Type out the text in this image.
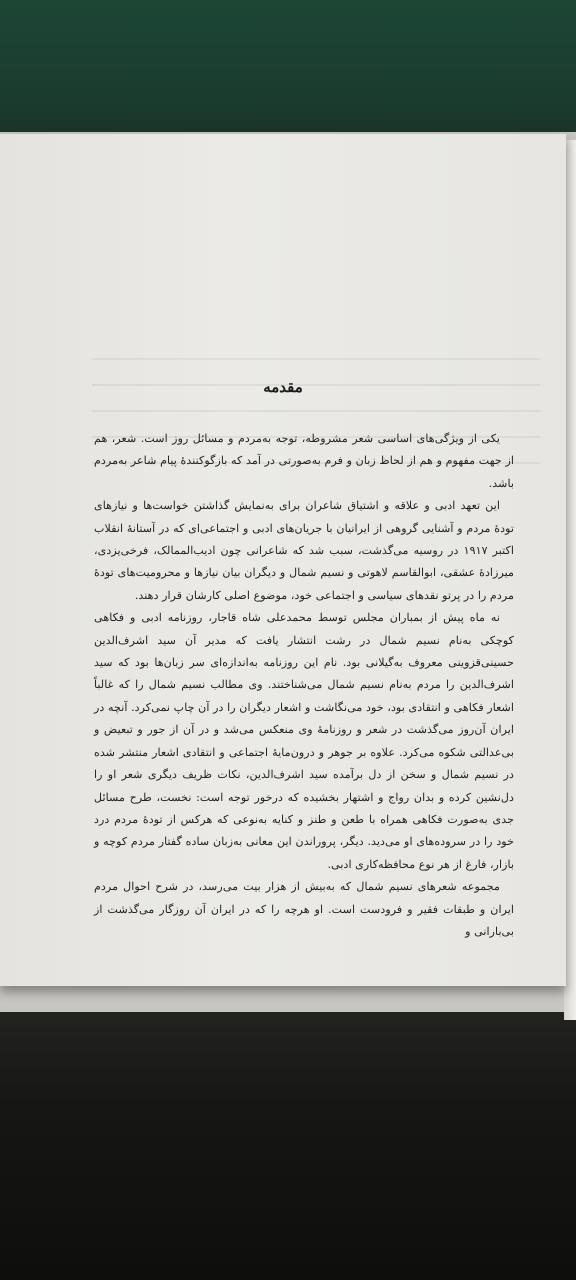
مقدمه

یکی از ویژگی‌های اساسی شعر مشروطه، توجه به‌مردم و مسائل روز است. شعر، هم از جهت مفهوم و هم از لحاظ زبان و فرم به‌صورتی در آمد که بازگوکنندهٔ پیام شاعر به‌مردم باشد.

این تعهد ادبی و علاقه و اشتیاق شاعران برای به‌نمایش گذاشتن خواست‌ها و نیازهای تودهٔ مردم و آشنایی گروهی از ایرانیان با جریان‌های ادبی و اجتماعی‌ای که در آستانهٔ انقلاب اکتبر ۱۹۱۷ در روسیه می‌گذشت، سبب شد که شاعرانی چون ادیب‌الممالک، فرخی‌یزدی، میرزادهٔ عشقی، ابوالقاسم لاهوتی و نسیم شمال و دیگران بیان نیازها و محرومیت‌های تودهٔ مردم را در پرتو نقدهای سیاسی و اجتماعی خود، موضوع اصلی کارشان قرار دهند.

نه ماه پیش از بمباران مجلس توسط محمدعلی شاه قاجار، روزنامه ادبی و فکاهی کوچکی به‌نام نسیم شمال در رشت انتشار یافت که مدیر آن سید اشرف‌الدین حسینی‌قزوینی معروف به‌گیلانی بود. نام این روزنامه به‌اندازه‌ای سر زبان‌ها بود که سید اشرف‌الدین را مردم به‌نام نسیم شمال می‌شناختند. وی مطالب نسیم شمال را که غالباً اشعار فکاهی و انتقادی بود، خود می‌نگاشت و اشعار دیگران را در آن چاپ نمی‌کرد. آنچه در ایران آن‌روز می‌گذشت در شعر و روزنامهٔ وی منعکس می‌شد و در آن از جور و تبعیض و بی‌عدالتی شکوه می‌کرد. علاوه بر جوهر و درون‌مایهٔ اجتماعی و انتقادی اشعار منتشر شده در نسیم شمال و سخن از دل برآمده سید اشرف‌الدین، نکات ظریف دیگری شعر او را دل‌نشین کرده و بدان رواج و اشتهار بخشیده که درخور توجه است: نخست، طرح مسائل جدی به‌صورت فکاهی همراه با طعن و طنز و کنایه به‌نوعی که هرکس از تودهٔ مردم درد خود را در سروده‌های او می‌دید. دیگر، پروراندن این معانی به‌زبان ساده گفتار مردم کوچه و بازار، فارغ از هر نوع محافظه‌کاری ادبی.

مجموعه شعرهای نسیم شمال که به‌بیش از هزار بیت می‌رسد، در شرح احوال مردم ایران و طبقات فقیر و فرودست است. او هرچه را که در ایران آن روزگار می‌گذشت از بی‌بارانی و
